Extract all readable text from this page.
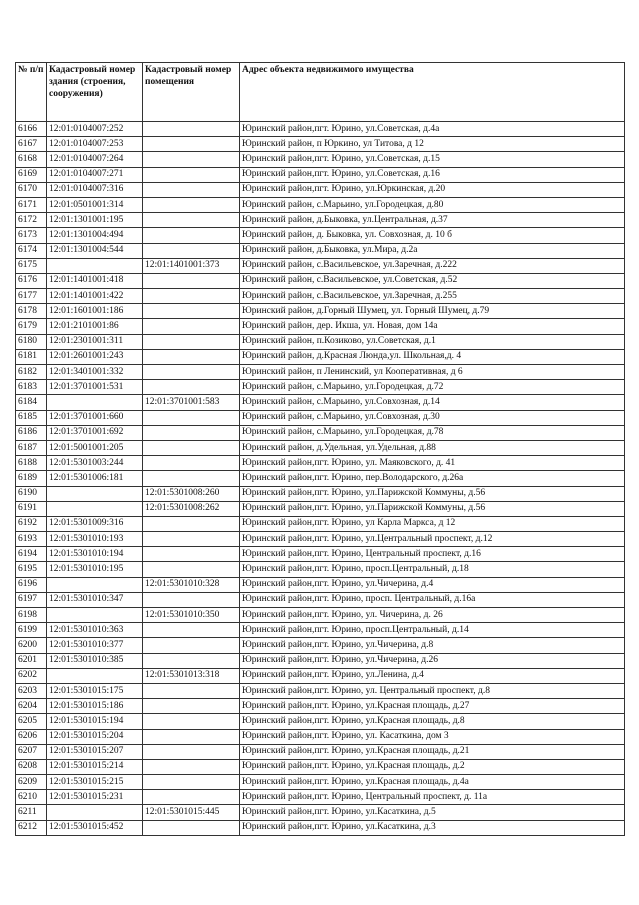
№ п/п	Кадастровый номер здания (строения, сооружения)	Кадастровый номер помещения	Адрес объекта недвижимого имущества
6166	12:01:0104007:252		Юринский район,пгт. Юрино, ул.Советская, д.4а
6167	12:01:0104007:253		Юринский район, п Юркино, ул Титова, д 12
6168	12:01:0104007:264		Юринский район,пгт. Юрино, ул.Советская, д.15
6169	12:01:0104007:271		Юринский район,пгт. Юрино, ул.Советская, д.16
6170	12:01:0104007:316		Юринский район,пгт. Юрино, ул.Юркинская, д.20
6171	12:01:0501001:314		Юринский район, с.Марьино, ул.Городецкая, д.80
6172	12:01:1301001:195		Юринский район, д.Быковка, ул.Центральная, д.37
6173	12:01:1301004:494		Юринский район, д. Быковка, ул. Совхозная, д. 10 б
6174	12:01:1301004:544		Юринский район, д.Быковка, ул.Мира, д.2а
6175		12:01:1401001:373	Юринский район, с.Васильевское, ул.Заречная, д.222
6176	12:01:1401001:418		Юринский район, с.Васильевское, ул.Советская, д.52
6177	12:01:1401001:422		Юринский район, с.Васильевское, ул.Заречная, д.255
6178	12:01:1601001:186		Юринский район, д.Горный Шумец, ул. Горный Шумец, д.79
6179	12:01:2101001:86		Юринский район, дер. Икша, ул. Новая, дом 14а
6180	12:01:2301001:311		Юринский район, п.Козиково, ул.Советская, д.1
6181	12:01:2601001:243		Юринский район, д.Красная Люнда,ул. Школьная,д. 4
6182	12:01:3401001:332		Юринский район, п Ленинский, ул Кооперативная, д 6
6183	12:01:3701001:531		Юринский район, с.Марьино, ул.Городецкая, д.72
6184		12:01:3701001:583	Юринский район, с.Марьино, ул.Совхозная, д.14
6185	12:01:3701001:660		Юринский район, с.Марьино, ул.Совхозная, д.30
6186	12:01:3701001:692		Юринский район, с.Марьино, ул.Городецкая, д.78
6187	12:01:5001001:205		Юринский район, д.Удельная, ул.Удельная, д.88
6188	12:01:5301003:244		Юринский район,пгт. Юрино, ул. Маяковского, д. 41
6189	12:01:5301006:181		Юринский район,пгт. Юрино, пер.Володарского, д.26а
6190		12:01:5301008:260	Юринский район,пгт. Юрино, ул.Парижской Коммуны, д.56
6191		12:01:5301008:262	Юринский район,пгт. Юрино, ул.Парижской Коммуны, д.56
6192	12:01:5301009:316		Юринский район,пгт. Юрино, ул Карла Маркса, д 12
6193	12:01:5301010:193		Юринский район,пгт. Юрино, ул.Центральный проспект, д.12
6194	12:01:5301010:194		Юринский район,пгт. Юрино, Центральный проспект, д.16
6195	12:01:5301010:195		Юринский район,пгт. Юрино, просп.Центральный, д.18
6196		12:01:5301010:328	Юринский район,пгт. Юрино, ул.Чичерина, д.4
6197	12:01:5301010:347		Юринский район,пгт. Юрино, просп. Центральный, д.16а
6198		12:01:5301010:350	Юринский район,пгт. Юрино, ул. Чичерина, д. 26
6199	12:01:5301010:363		Юринский район,пгт. Юрино, просп.Центральный, д.14
6200	12:01:5301010:377		Юринский район,пгт. Юрино, ул.Чичерина, д.8
6201	12:01:5301010:385		Юринский район,пгт. Юрино, ул.Чичерина, д.26
6202		12:01:5301013:318	Юринский район,пгт. Юрино, ул.Ленина, д.4
6203	12:01:5301015:175		Юринский район,пгт. Юрино, ул. Центральный проспект, д.8
6204	12:01:5301015:186		Юринский район,пгт. Юрино, ул.Красная площадь, д.27
6205	12:01:5301015:194		Юринский район,пгт. Юрино, ул.Красная площадь, д.8
6206	12:01:5301015:204		Юринский район,пгт. Юрино, ул. Касаткина, дом 3
6207	12:01:5301015:207		Юринский район,пгт. Юрино, ул.Красная площадь, д.21
6208	12:01:5301015:214		Юринский район,пгт. Юрино, ул.Красная площадь, д.2
6209	12:01:5301015:215		Юринский район,пгт. Юрино, ул.Красная площадь, д.4а
6210	12:01:5301015:231		Юринский район,пгт. Юрино, Центральный проспект, д. 11а
6211		12:01:5301015:445	Юринский район,пгт. Юрино, ул.Касаткина, д.5
6212	12:01:5301015:452		Юринский район,пгт. Юрино, ул.Касаткина, д.3
